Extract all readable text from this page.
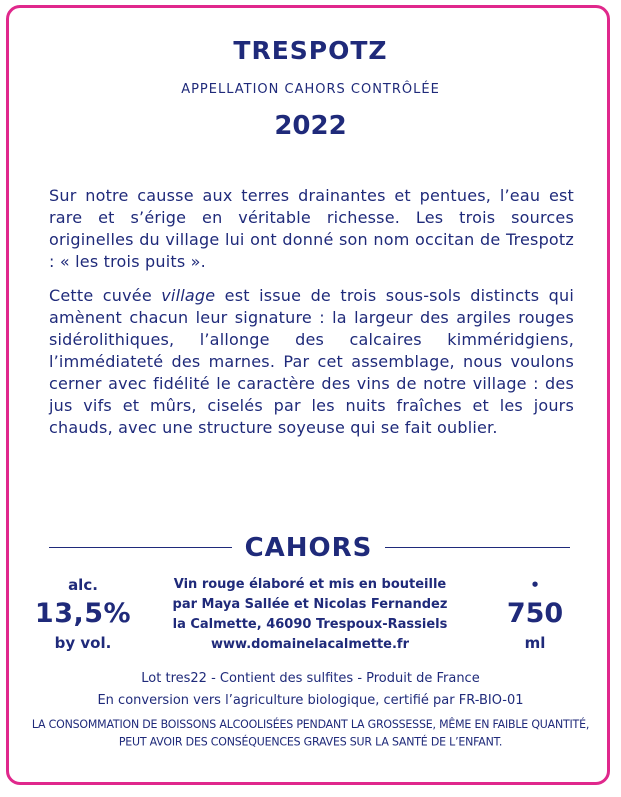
TRESPOTZ
APPELLATION CAHORS CONTRÔLÉE
2022
Sur notre causse aux terres drainantes et pentues, l’eau est rare et s’érige en véritable richesse. Les trois sources originelles du village lui ont donné son nom occitan de Trespotz : « les trois puits ».
Cette cuvée village est issue de trois sous-sols distincts qui amènent chacun leur signature : la largeur des argiles rouges sidérolithiques, l’allonge des calcaires kimméridgiens, l’immédiateté des marnes. Par cet assemblage, nous voulons cerner avec fidélité le caractère des vins de notre village : des jus vifs et mûrs, ciselés par les nuits fraîches et les jours chauds, avec une structure soyeuse qui se fait oublier.
CAHORS
alc.
13,5%
by vol.
Vin rouge élaboré et mis en bouteille
par Maya Sallée et Nicolas Fernandez
la Calmette, 46090 Trespoux-Rassiels
www.domainelacalmette.fr
•
750
ml
Lot tres22 - Contient des sulfites - Produit de France
En conversion vers l’agriculture biologique, certifié par FR-BIO-01
LA CONSOMMATION DE BOISSONS ALCOOLISÉES PENDANT LA GROSSESSE, MÊME EN FAIBLE QUANTITÉ,
PEUT AVOIR DES CONSÉQUENCES GRAVES SUR LA SANTÉ DE L’ENFANT.
